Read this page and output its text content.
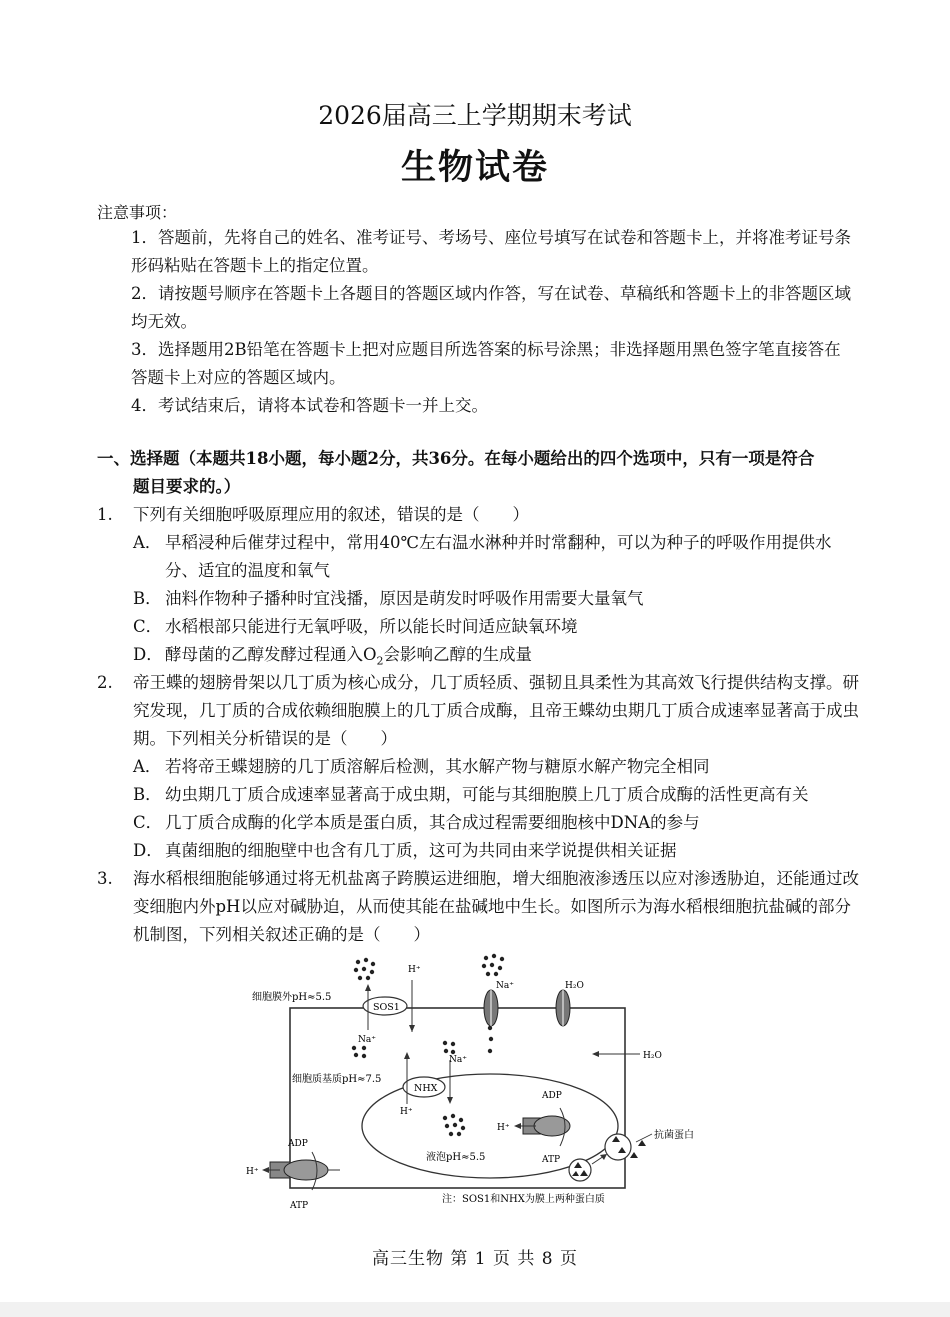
2026届高三上学期期末考试
生物试卷
注意事项：
1．答题前，先将自己的姓名、准考证号、考场号、座位号填写在试卷和答题卡上，并将准考证号条形码粘贴在答题卡上的指定位置。
2．请按题号顺序在答题卡上各题目的答题区域内作答，写在试卷、草稿纸和答题卡上的非答题区域均无效。
3．选择题用2B铅笔在答题卡上把对应题目所选答案的标号涂黑；非选择题用黑色签字笔直接答在答题卡上对应的答题区域内。
4．考试结束后，请将本试卷和答题卡一并上交。
一、选择题（本题共18小题，每小题2分，共36分。在每小题给出的四个选项中，只有一项是符合
题目要求的。）
1. 下列有关细胞呼吸原理应用的叙述，错误的是（　　）
A． 早稻浸种后催芽过程中，常用40℃左右温水淋种并时常翻种，可以为种子的呼吸作用提供水分、适宜的温度和氧气
B． 油料作物种子播种时宜浅播，原因是萌发时呼吸作用需要大量氧气
C． 水稻根部只能进行无氧呼吸，所以能长时间适应缺氧环境
D． 酵母菌的乙醇发酵过程通入$O_2$会影响乙醇的生成量
2. 帝王蝶的翅膀骨架以几丁质为核心成分，几丁质轻质、强韧且具柔性为其高效飞行提供结构支撑。研究发现，几丁质的合成依赖细胞膜上的几丁质合成酶，且帝王蝶幼虫期几丁质合成速率显著高于成虫期。下列相关分析错误的是（　　）
A． 若将帝王蝶翅膀的几丁质溶解后检测，其水解产物与糖原水解产物完全相同
B． 幼虫期几丁质合成速率显著高于成虫期，可能与其细胞膜上几丁质合成酶的活性更高有关
C． 几丁质合成酶的化学本质是蛋白质，其合成过程需要细胞核中DNA的参与
D． 真菌细胞的细胞壁中也含有几丁质，这可为共同由来学说提供相关证据
3. 海水稻根细胞能够通过将无机盐离子跨膜运进细胞，增大细胞液渗透压以应对渗透胁迫，还能通过改变细胞内外pH以应对碱胁迫，从而使其能在盐碱地中生长。如图所示为海水稻根细胞抗盐碱的部分机制图，下列相关叙述正确的是（　　）
细胞膜外pH≈5.5
细胞质基质pH≈7.5
SOS1
H⁺
Na⁺
Na⁺	H₂O
H₂O
液泡pH≈5.5
NHX
Na⁺
H⁺
ADP
ATP
H⁺
ADP
ATP
H⁺
抗菌蛋白
注：SOS1和NHX为膜上两种蛋白质
高三生物 第 1 页 共 8 页
